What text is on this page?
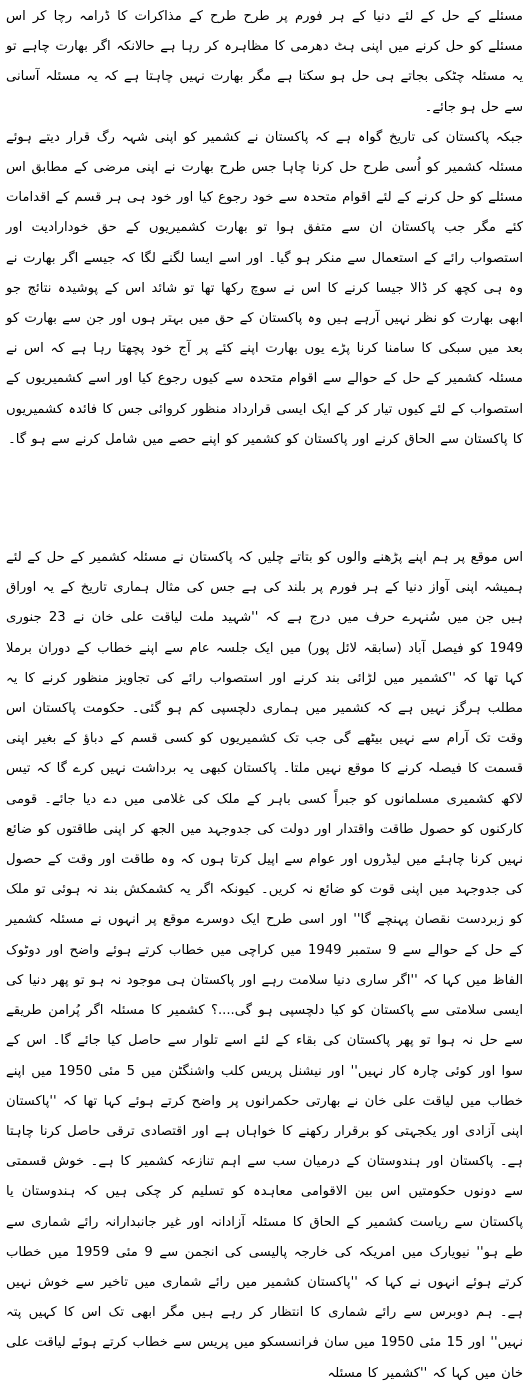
مسئلے کے حل کے لئے دنیا کے ہر فورم پر طرح طرح کے مذاکرات کا ڈرامہ رچا کر اس مسئلے کو حل کرنے میں اپنی ہٹ دھرمی کا مظاہرہ کر رہا ہے حالانکہ اگر بھارت چاہے تو یہ مسئلہ چٹکی بجاتے ہی حل ہو سکتا ہے مگر بھارت نہیں چاہتا ہے کہ یہ مسئلہ آسانی سے حل ہو جائے۔

جبکہ پاکستان کی تاریخ گواہ ہے کہ پاکستان نے کشمیر کو اپنی شہہ رگ قرار دیتے ہوئے مسئلہ کشمیر کو اُسی طرح حل کرنا چاہا جس طرح بھارت نے اپنی مرضی کے مطابق اس مسئلے کو حل کرنے کے لئے اقوام متحدہ سے خود رجوع کیا اور خود ہی ہر قسم کے اقدامات کئے مگر جب پاکستان ان سے متفق ہوا تو بھارت کشمیریوں کے حق خودارادیت اور استصواب رائے کے استعمال سے منکر ہو گیا۔ اور اسے ایسا لگنے لگا کہ جیسے اگر بھارت نے وہ ہی کچھ کر ڈالا جیسا کرنے کا اس نے سوچ رکھا تھا تو شائد اس کے پوشیدہ نتائج جو ابھی بھارت کو نظر نہیں آرہے ہیں وہ پاکستان کے حق میں بہتر ہوں اور جن سے بھارت کو بعد میں سبکی کا سامنا کرنا پڑے یوں بھارت اپنے کئے پر آج خود پچھتا رہا ہے کہ اس نے مسئلہ کشمیر کے حل کے حوالے سے اقوام متحدہ سے کیوں رجوع کیا اور اسے کشمیریوں کے استصواب کے لئے کیوں تیار کر کے ایک ایسی قرارداد منظور کروائی جس کا فائدہ کشمیریوں کا پاکستان سے الحاق کرنے اور پاکستان کو کشمیر کو اپنے حصے میں شامل کرنے سے ہو گا۔

اس موقع پر ہم اپنے پڑھنے والوں کو بتاتے چلیں کہ پاکستان نے مسئلہ کشمیر کے حل کے لئے ہمیشہ اپنی آواز دنیا کے ہر فورم پر بلند کی ہے جس کی مثال ہماری تاریخ کے یہ اوراق ہیں جن میں سُنہرے حرف میں درج ہے کہ ''شہید ملت لیاقت علی خان نے 23 جنوری 1949 کو فیصل آباد (سابقہ لائل پور) میں ایک جلسہ عام سے اپنے خطاب کے دوران برملا کہا تھا کہ ''کشمیر میں لڑائی بند کرنے اور استصواب رائے کی تجاویز منظور کرنے کا یہ مطلب ہرگز نہیں ہے کہ کشمیر میں ہماری دلچسپی کم ہو گئی۔ حکومت پاکستان اس وقت تک آرام سے نہیں بیٹھے گی جب تک کشمیریوں کو کسی قسم کے دباؤ کے بغیر اپنی قسمت کا فیصلہ کرنے کا موقع نہیں ملتا۔ پاکستان کبھی یہ برداشت نہیں کرے گا کہ تیس لاکھ کشمیری مسلمانوں کو جبراً کسی باہر کے ملک کی غلامی میں دے دیا جائے۔ قومی کارکنوں کو حصول طاقت واقتدار اور دولت کی جدوجہد میں الجھ کر اپنی طاقتوں کو ضائع نہیں کرنا چاہئے میں لیڈروں اور عوام سے اپیل کرتا ہوں کہ وہ طاقت اور وقت کے حصول کی جدوجہد میں اپنی قوت کو ضائع نہ کریں۔ کیونکہ اگر یہ کشمکش بند نہ ہوئی تو ملک کو زبردست نقصان پہنچے گا'' اور اسی طرح ایک دوسرے موقع پر انہوں نے مسئلہ کشمیر کے حل کے حوالے سے 9 ستمبر 1949 میں کراچی میں خطاب کرتے ہوئے واضح اور دوٹوک الفاظ میں کہا کہ ''اگر ساری دنیا سلامت رہے اور پاکستان ہی موجود نہ ہو تو پھر دنیا کی ایسی سلامتی سے پاکستان کو کیا دلچسپی ہو گی....؟ کشمیر کا مسئلہ اگر پُرامن طریقے سے حل نہ ہوا تو پھر پاکستان کی بقاء کے لئے اسے تلوار سے حاصل کیا جائے گا۔ اس کے سوا اور کوئی چارہ کار نہیں'' اور نیشنل پریس کلب واشنگٹن میں 5 مئی 1950 میں اپنے خطاب میں لیاقت علی خان نے بھارتی حکمرانوں پر واضح کرتے ہوئے کہا تھا کہ ''پاکستان اپنی آزادی اور یکجہتی کو برقرار رکھنے کا خواہاں ہے اور اقتصادی ترقی حاصل کرنا چاہتا ہے۔ پاکستان اور ہندوستان کے درمیان سب سے اہم تنازعہ کشمیر کا ہے۔ خوش قسمتی سے دونوں حکومتیں اس بین الاقوامی معاہدہ کو تسلیم کر چکی ہیں کہ ہندوستان یا پاکستان سے ریاست کشمیر کے الحاق کا مسئلہ آزادانہ اور غیر جانبدارانہ رائے شماری سے طے ہو'' نیویارک میں امریکہ کی خارجہ پالیسی کی انجمن سے 9 مئی 1959 میں خطاب کرتے ہوئے انہوں نے کہا کہ ''پاکستان کشمیر میں رائے شماری میں تاخیر سے خوش نہیں ہے۔ ہم دوبرس سے رائے شماری کا انتظار کر رہے ہیں مگر ابھی تک اس کا کہیں پتہ نہیں'' اور 15 مئی 1950 میں سان فرانسسکو میں پریس سے خطاب کرتے ہوئے لیاقت علی خان میں کہا کہ ''کشمیر کا مسئلہ
